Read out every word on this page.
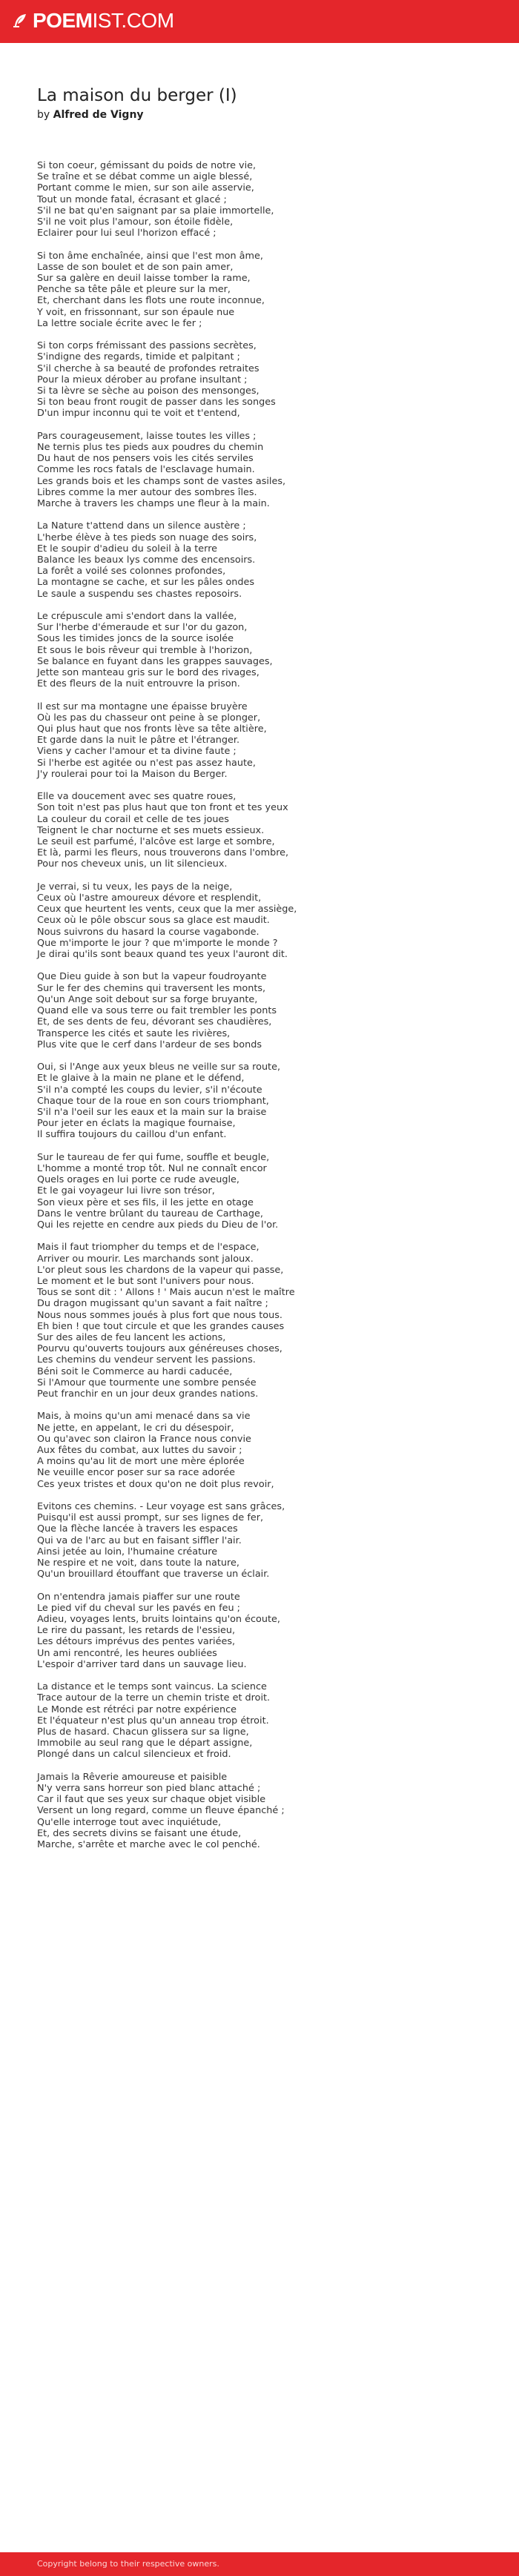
POEM IST.COM
La maison du berger (I)
by Alfred de Vigny
Si ton coeur, gémissant du poids de notre vie,
Se traîne et se débat comme un aigle blessé,
Portant comme le mien, sur son aile asservie,
Tout un monde fatal, écrasant et glacé ;
S'il ne bat qu'en saignant par sa plaie immortelle,
S'il ne voit plus l'amour, son étoile fidèle,
Eclairer pour lui seul l'horizon effacé ;
Si ton âme enchaînée, ainsi que l'est mon âme,
Lasse de son boulet et de son pain amer,
Sur sa galère en deuil laisse tomber la rame,
Penche sa tête pâle et pleure sur la mer,
Et, cherchant dans les flots une route inconnue,
Y voit, en frissonnant, sur son épaule nue
La lettre sociale écrite avec le fer ;
Si ton corps frémissant des passions secrètes,
S'indigne des regards, timide et palpitant ;
S'il cherche à sa beauté de profondes retraites
Pour la mieux dérober au profane insultant ;
Si ta lèvre se sèche au poison des mensonges,
Si ton beau front rougit de passer dans les songes
D'un impur inconnu qui te voit et t'entend,
Pars courageusement, laisse toutes les villes ;
Ne ternis plus tes pieds aux poudres du chemin
Du haut de nos pensers vois les cités serviles
Comme les rocs fatals de l'esclavage humain.
Les grands bois et les champs sont de vastes asiles,
Libres comme la mer autour des sombres îles.
Marche à travers les champs une fleur à la main.
La Nature t'attend dans un silence austère ;
L'herbe élève à tes pieds son nuage des soirs,
Et le soupir d'adieu du soleil à la terre
Balance les beaux lys comme des encensoirs.
La forêt a voilé ses colonnes profondes,
La montagne se cache, et sur les pâles ondes
Le saule a suspendu ses chastes reposoirs.
Le crépuscule ami s'endort dans la vallée,
Sur l'herbe d'émeraude et sur l'or du gazon,
Sous les timides joncs de la source isolée
Et sous le bois rêveur qui tremble à l'horizon,
Se balance en fuyant dans les grappes sauvages,
Jette son manteau gris sur le bord des rivages,
Et des fleurs de la nuit entrouvre la prison.
Il est sur ma montagne une épaisse bruyère
Où les pas du chasseur ont peine à se plonger,
Qui plus haut que nos fronts lève sa tête altière,
Et garde dans la nuit le pâtre et l'étranger.
Viens y cacher l'amour et ta divine faute ;
Si l'herbe est agitée ou n'est pas assez haute,
J'y roulerai pour toi la Maison du Berger.
Elle va doucement avec ses quatre roues,
Son toit n'est pas plus haut que ton front et tes yeux
La couleur du corail et celle de tes joues
Teignent le char nocturne et ses muets essieux.
Le seuil est parfumé, l'alcôve est large et sombre,
Et là, parmi les fleurs, nous trouverons dans l'ombre,
Pour nos cheveux unis, un lit silencieux.
Je verrai, si tu veux, les pays de la neige,
Ceux où l'astre amoureux dévore et resplendit,
Ceux que heurtent les vents, ceux que la mer assiège,
Ceux où le pôle obscur sous sa glace est maudit.
Nous suivrons du hasard la course vagabonde.
Que m'importe le jour ? que m'importe le monde ?
Je dirai qu'ils sont beaux quand tes yeux l'auront dit.
Que Dieu guide à son but la vapeur foudroyante
Sur le fer des chemins qui traversent les monts,
Qu'un Ange soit debout sur sa forge bruyante,
Quand elle va sous terre ou fait trembler les ponts
Et, de ses dents de feu, dévorant ses chaudières,
Transperce les cités et saute les rivières,
Plus vite que le cerf dans l'ardeur de ses bonds
Oui, si l'Ange aux yeux bleus ne veille sur sa route,
Et le glaive à la main ne plane et le défend,
S'il n'a compté les coups du levier, s'il n'écoute
Chaque tour de la roue en son cours triomphant,
S'il n'a l'oeil sur les eaux et la main sur la braise
Pour jeter en éclats la magique fournaise,
Il suffira toujours du caillou d'un enfant.
Sur le taureau de fer qui fume, souffle et beugle,
L'homme a monté trop tôt. Nul ne connaît encor
Quels orages en lui porte ce rude aveugle,
Et le gai voyageur lui livre son trésor,
Son vieux père et ses fils, il les jette en otage
Dans le ventre brûlant du taureau de Carthage,
Qui les rejette en cendre aux pieds du Dieu de l'or.
Mais il faut triompher du temps et de l'espace,
Arriver ou mourir. Les marchands sont jaloux.
L'or pleut sous les chardons de la vapeur qui passe,
Le moment et le but sont l'univers pour nous.
Tous se sont dit : ' Allons ! ' Mais aucun n'est le maître
Du dragon mugissant qu'un savant a fait naître ;
Nous nous sommes joués à plus fort que nous tous.
Eh bien ! que tout circule et que les grandes causes
Sur des ailes de feu lancent les actions,
Pourvu qu'ouverts toujours aux généreuses choses,
Les chemins du vendeur servent les passions.
Béni soit le Commerce au hardi caducée,
Si l'Amour que tourmente une sombre pensée
Peut franchir en un jour deux grandes nations.
Mais, à moins qu'un ami menacé dans sa vie
Ne jette, en appelant, le cri du désespoir,
Ou qu'avec son clairon la France nous convie
Aux fêtes du combat, aux luttes du savoir ;
A moins qu'au lit de mort une mère éplorée
Ne veuille encor poser sur sa race adorée
Ces yeux tristes et doux qu'on ne doit plus revoir,
Evitons ces chemins. - Leur voyage est sans grâces,
Puisqu'il est aussi prompt, sur ses lignes de fer,
Que la flèche lancée à travers les espaces
Qui va de l'arc au but en faisant siffler l'air.
Ainsi jetée au loin, l'humaine créature
Ne respire et ne voit, dans toute la nature,
Qu'un brouillard étouffant que traverse un éclair.
On n'entendra jamais piaffer sur une route
Le pied vif du cheval sur les pavés en feu ;
Adieu, voyages lents, bruits lointains qu'on écoute,
Le rire du passant, les retards de l'essieu,
Les détours imprévus des pentes variées,
Un ami rencontré, les heures oubliées
L'espoir d'arriver tard dans un sauvage lieu.
La distance et le temps sont vaincus. La science
Trace autour de la terre un chemin triste et droit.
Le Monde est rétréci par notre expérience
Et l'équateur n'est plus qu'un anneau trop étroit.
Plus de hasard. Chacun glissera sur sa ligne,
Immobile au seul rang que le départ assigne,
Plongé dans un calcul silencieux et froid.
Jamais la Rêverie amoureuse et paisible
N'y verra sans horreur son pied blanc attaché ;
Car il faut que ses yeux sur chaque objet visible
Versent un long regard, comme un fleuve épanché ;
Qu'elle interroge tout avec inquiétude,
Et, des secrets divins se faisant une étude,
Marche, s'arrête et marche avec le col penché.
Copyright belong to their respective owners.
